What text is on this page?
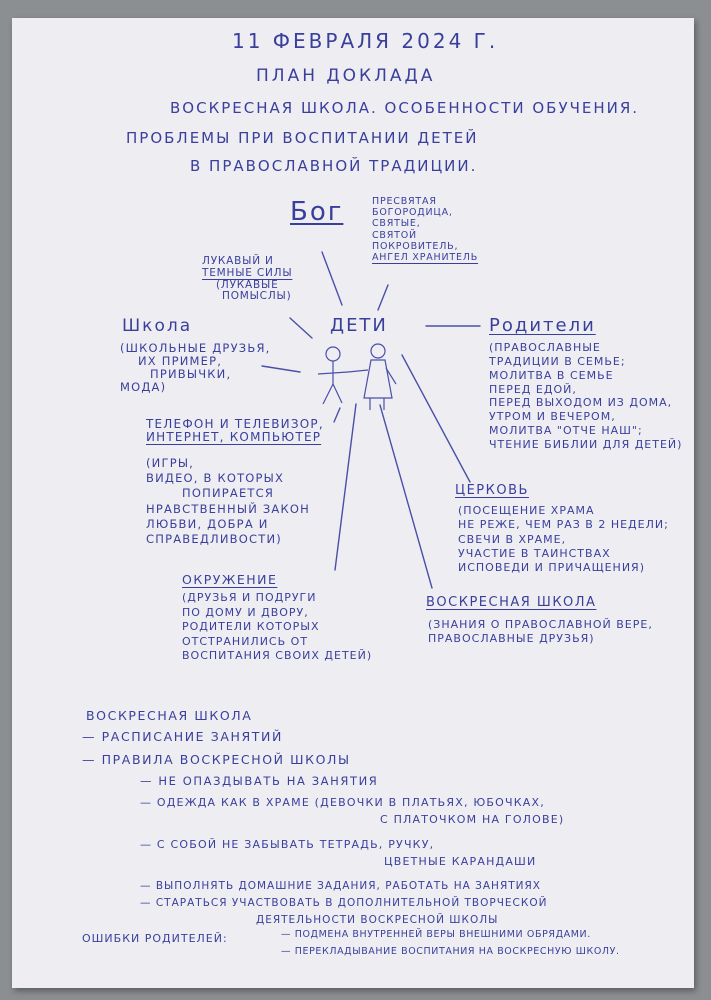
11 ФЕВРАЛЯ 2024 Г.
ПЛАН ДОКЛАДА
ВОСКРЕСНАЯ ШКОЛА. ОСОБЕННОСТИ ОБУЧЕНИЯ.
ПРОБЛЕМЫ ПРИ ВОСПИТАНИИ ДЕТЕЙ
В ПРАВОСЛАВНОЙ ТРАДИЦИИ.
Бог	ПРЕСВЯТАЯ
БОГОРОДИЦА,
СВЯТЫЕ,
СВЯТОЙ
ПОКРОВИТЕЛЬ,
АНГЕЛ ХРАНИТЕЛЬ
ЛУКАВЫЙ И
ТЕМНЫЕ СИЛЫ
(ЛУКАВЫЕ
ПОМЫСЛЫ)
ДЕТИ
Школа
(ШКОЛЬНЫЕ ДРУЗЬЯ,
ИХ ПРИМЕР,
ПРИВЫЧКИ,
МОДА)
Родители
(ПРАВОСЛАВНЫЕ
ТРАДИЦИИ В СЕМЬЕ;
МОЛИТВА В СЕМЬЕ
ПЕРЕД ЕДОЙ,
ПЕРЕД ВЫХОДОМ ИЗ ДОМА,
УТРОМ И ВЕЧЕРОМ,
МОЛИТВА "ОТЧЕ НАШ";
ЧТЕНИЕ БИБЛИИ ДЛЯ ДЕТЕЙ)
ТЕЛЕФОН И ТЕЛЕВИЗОР,
ИНТЕРНЕТ, КОМПЬЮТЕР
(ИГРЫ,
ВИДЕО, В КОТОРЫХ
ПОПИРАЕТСЯ
НРАВСТВЕННЫЙ ЗАКОН
ЛЮБВИ, ДОБРА И
СПРАВЕДЛИВОСТИ)
ЦЕРКОВЬ
(ПОСЕЩЕНИЕ ХРАМА
НЕ РЕЖЕ, ЧЕМ РАЗ В 2 НЕДЕЛИ;
СВЕЧИ В ХРАМЕ,
УЧАСТИЕ В ТАИНСТВАХ
ИСПОВЕДИ И ПРИЧАЩЕНИЯ)
ОКРУЖЕНИЕ
(ДРУЗЬЯ И ПОДРУГИ
ПО ДОМУ И ДВОРУ,
РОДИТЕЛИ КОТОРЫХ
ОТСТРАНИЛИСЬ ОТ
ВОСПИТАНИЯ СВОИХ ДЕТЕЙ)
ВОСКРЕСНАЯ ШКОЛА
(ЗНАНИЯ О ПРАВОСЛАВНОЙ ВЕРЕ,
ПРАВОСЛАВНЫЕ ДРУЗЬЯ)
ВОСКРЕСНАЯ ШКОЛА
— РАСПИСАНИЕ ЗАНЯТИЙ
— ПРАВИЛА ВОСКРЕСНОЙ ШКОЛЫ
— НЕ ОПАЗДЫВАТЬ НА ЗАНЯТИЯ
— ОДЕЖДА КАК В ХРАМЕ (ДЕВОЧКИ В ПЛАТЬЯХ, ЮБОЧКАХ,
С ПЛАТОЧКОМ НА ГОЛОВЕ)
— С СОБОЙ НЕ ЗАБЫВАТЬ ТЕТРАДЬ, РУЧКУ,
ЦВЕТНЫЕ КАРАНДАШИ
— ВЫПОЛНЯТЬ ДОМАШНИЕ ЗАДАНИЯ, РАБОТАТЬ НА ЗАНЯТИЯХ
— СТАРАТЬСЯ УЧАСТВОВАТЬ В ДОПОЛНИТЕЛЬНОЙ ТВОРЧЕСКОЙ
ДЕЯТЕЛЬНОСТИ ВОСКРЕСНОЙ ШКОЛЫ
ОШИБКИ РОДИТЕЛЕЙ:	— ПОДМЕНА ВНУТРЕННЕЙ ВЕРЫ ВНЕШНИМИ ОБРЯДАМИ.
— ПЕРЕКЛАДЫВАНИЕ ВОСПИТАНИЯ НА ВОСКРЕСНУЮ ШКОЛУ.
